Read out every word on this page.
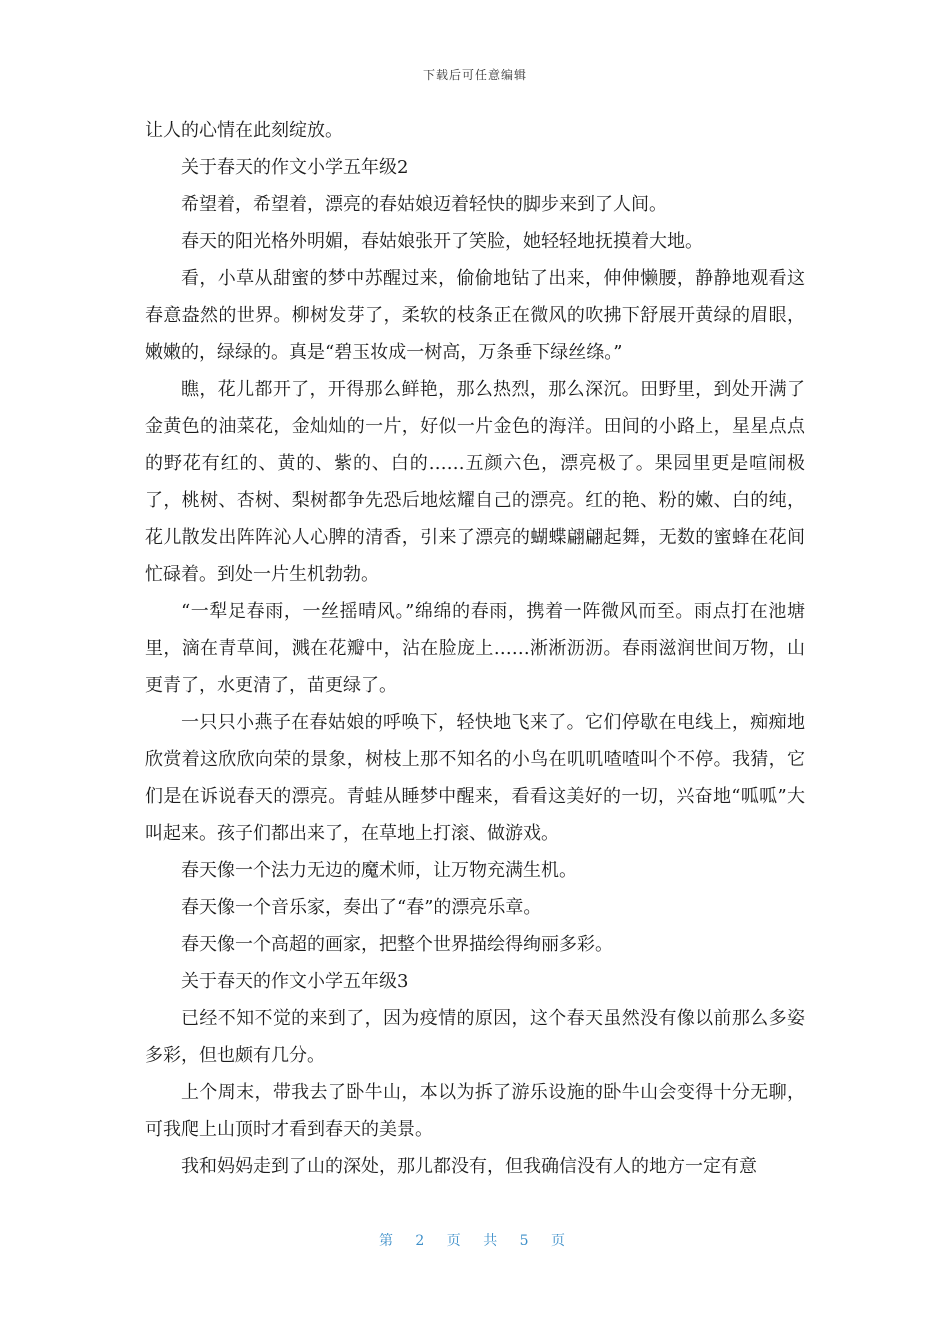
下载后可任意编辑

让人的心情在此刻绽放。

关于春天的作文小学五年级2

希望着，希望着，漂亮的春姑娘迈着轻快的脚步来到了人间。

春天的阳光格外明媚，春姑娘张开了笑脸，她轻轻地抚摸着大地。

看，小草从甜蜜的梦中苏醒过来，偷偷地钻了出来，伸伸懒腰，静静地观看这春意盎然的世界。柳树发芽了，柔软的枝条正在微风的吹拂下舒展开黄绿的眉眼，嫩嫩的，绿绿的。真是“碧玉妆成一树高，万条垂下绿丝绦。”

瞧，花儿都开了，开得那么鲜艳，那么热烈，那么深沉。田野里，到处开满了金黄色的油菜花，金灿灿的一片，好似一片金色的海洋。田间的小路上，星星点点的野花有红的、黄的、紫的、白的……五颜六色，漂亮极了。果园里更是喧闹极了，桃树、杏树、梨树都争先恐后地炫耀自己的漂亮。红的艳、粉的嫩、白的纯，花儿散发出阵阵沁人心脾的清香，引来了漂亮的蝴蝶翩翩起舞，无数的蜜蜂在花间忙碌着。到处一片生机勃勃。

“一犁足春雨，一丝摇晴风。”绵绵的春雨，携着一阵微风而至。雨点打在池塘里，滴在青草间，溅在花瓣中，沾在脸庞上……淅淅沥沥。春雨滋润世间万物，山更青了，水更清了，苗更绿了。

一只只小燕子在春姑娘的呼唤下，轻快地飞来了。它们停歇在电线上，痴痴地欣赏着这欣欣向荣的景象，树枝上那不知名的小鸟在叽叽喳喳叫个不停。我猜，它们是在诉说春天的漂亮。青蛙从睡梦中醒来，看看这美好的一切，兴奋地“呱呱”大叫起来。孩子们都出来了，在草地上打滚、做游戏。

春天像一个法力无边的魔术师，让万物充满生机。

春天像一个音乐家，奏出了“春”的漂亮乐章。

春天像一个高超的画家，把整个世界描绘得绚丽多彩。

关于春天的作文小学五年级3

已经不知不觉的来到了，因为疫情的原因，这个春天虽然没有像以前那么多姿多彩，但也颇有几分。

上个周末，带我去了卧牛山，本以为拆了游乐设施的卧牛山会变得十分无聊，可我爬上山顶时才看到春天的美景。

我和妈妈走到了山的深处，那儿都没有，但我确信没有人的地方一定有意

第 2 页 共 5 页
